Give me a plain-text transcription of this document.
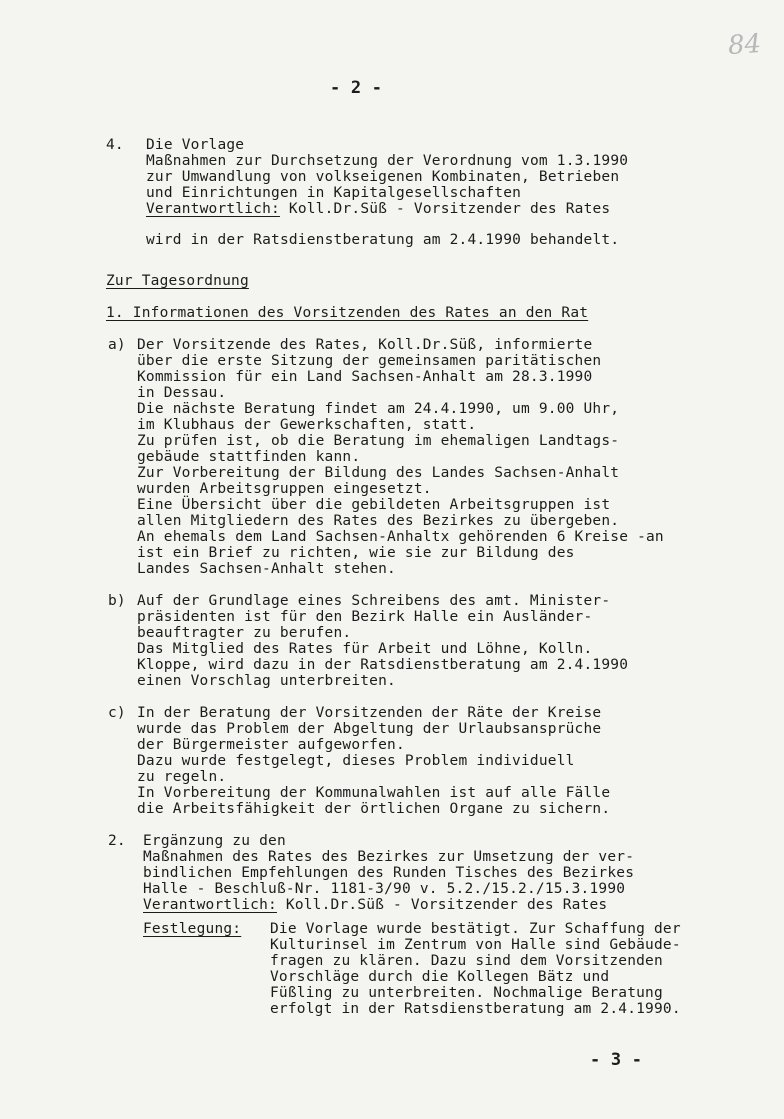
84
- 2 -
4. Die Vorlage
Maßnahmen zur Durchsetzung der Verordnung vom 1.3.1990
zur Umwandlung von volkseigenen Kombinaten, Betrieben
und Einrichtungen in Kapitalgesellschaften
Verantwortlich: Koll.Dr.Süß - Vorsitzender des Rates
wird in der Ratsdienstberatung am 2.4.1990 behandelt.
Zur Tagesordnung
1. Informationen des Vorsitzenden des Rates an den Rat
a) Der Vorsitzende des Rates, Koll.Dr.Süß, informierte
über die erste Sitzung der gemeinsamen paritätischen
Kommission für ein Land Sachsen-Anhalt am 28.3.1990
in Dessau.
Die nächste Beratung findet am 24.4.1990, um 9.00 Uhr,
im Klubhaus der Gewerkschaften, statt.
Zu prüfen ist, ob die Beratung im ehemaligen Landtags-
gebäude stattfinden kann.
Zur Vorbereitung der Bildung des Landes Sachsen-Anhalt
wurden Arbeitsgruppen eingesetzt.
Eine Übersicht über die gebildeten Arbeitsgruppen ist
allen Mitgliedern des Rates des Bezirkes zu übergeben.
An ehemals dem Land Sachsen-Anhaltx gehörenden 6 Kreise -an
ist ein Brief zu richten, wie sie zur Bildung des
Landes Sachsen-Anhalt stehen.
b) Auf der Grundlage eines Schreibens des amt. Minister-
präsidenten ist für den Bezirk Halle ein Ausländer-
beauftragter zu berufen.
Das Mitglied des Rates für Arbeit und Löhne, Kolln.
Kloppe, wird dazu in der Ratsdienstberatung am 2.4.1990
einen Vorschlag unterbreiten.
c) In der Beratung der Vorsitzenden der Räte der Kreise
wurde das Problem der Abgeltung der Urlaubsansprüche
der Bürgermeister aufgeworfen.
Dazu wurde festgelegt, dieses Problem individuell
zu regeln.
In Vorbereitung der Kommunalwahlen ist auf alle Fälle
die Arbeitsfähigkeit der örtlichen Organe zu sichern.
2. Ergänzung zu den
Maßnahmen des Rates des Bezirkes zur Umsetzung der ver-
bindlichen Empfehlungen des Runden Tisches des Bezirkes
Halle - Beschluß-Nr. 1181-3/90 v. 5.2./15.2./15.3.1990
Verantwortlich: Koll.Dr.Süß - Vorsitzender des Rates
Festlegung: Die Vorlage wurde bestätigt. Zur Schaffung der
Kulturinsel im Zentrum von Halle sind Gebäude-
fragen zu klären. Dazu sind dem Vorsitzenden
Vorschläge durch die Kollegen Bätz und
Füßling zu unterbreiten. Nochmalige Beratung
erfolgt in der Ratsdienstberatung am 2.4.1990.
- 3 -
